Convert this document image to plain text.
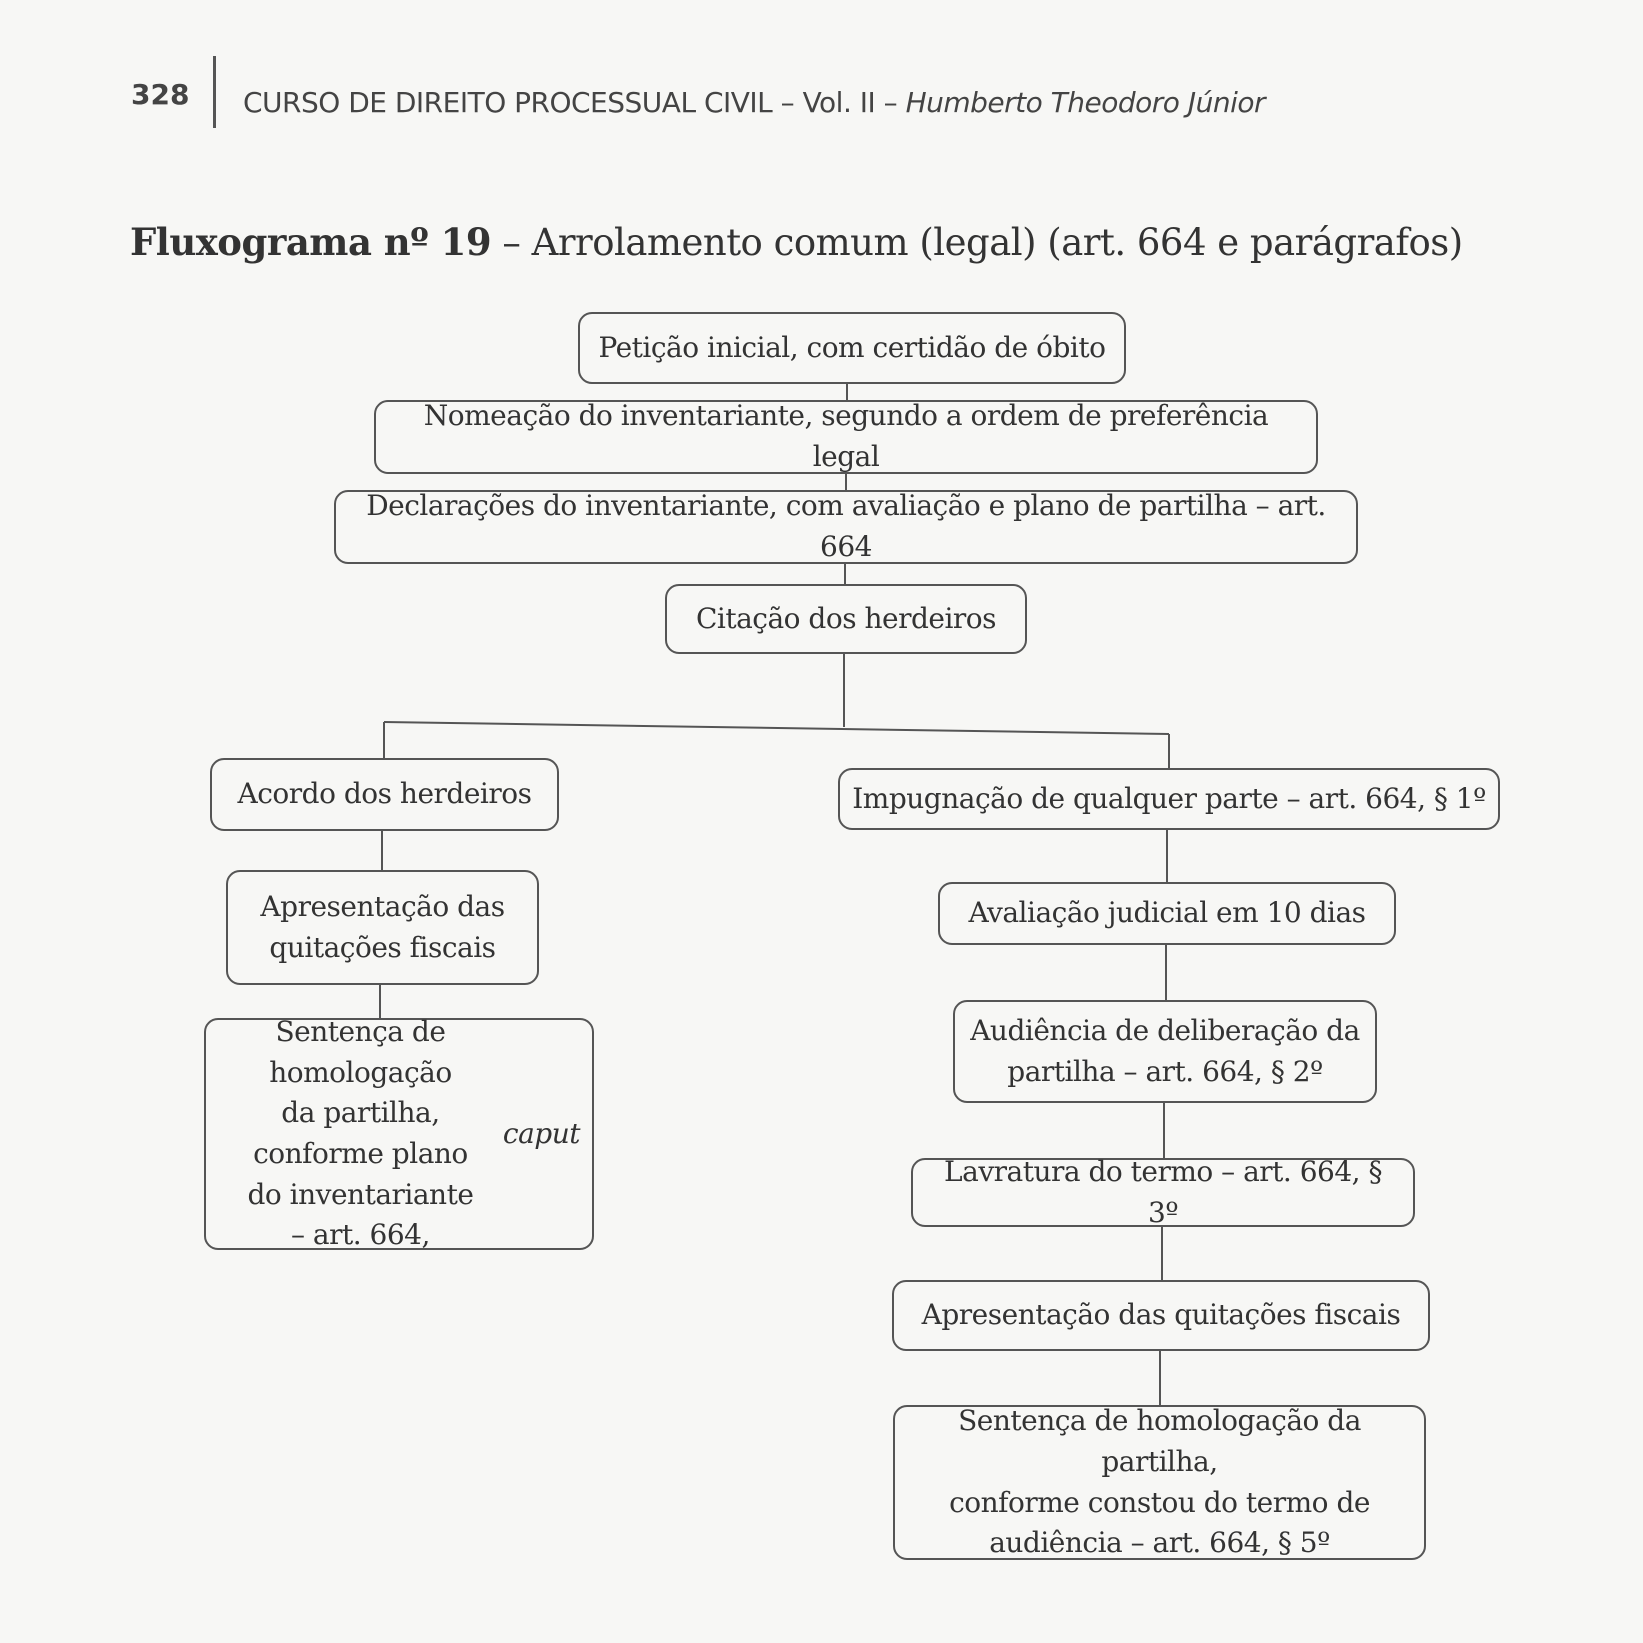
328 CURSO DE DIREITO PROCESSUAL CIVIL – Vol. II – Humberto Theodoro Júnior
Fluxograma nº 19 – Arrolamento comum (legal) (art. 664 e parágrafos)
Petição inicial, com certidão de óbito
Nomeação do inventariante, segundo a ordem de preferência legal
Declarações do inventariante, com avaliação e plano de partilha – art. 664
Citação dos herdeiros
Acordo dos herdeiros
Apresentação das
quitações fiscais
Sentença de homologação
da partilha, conforme plano
do inventariante
– art. 664,
caput
Impugnação de qualquer parte – art. 664, § 1º
Avaliação judicial em 10 dias
Audiência de deliberação da
partilha – art. 664, § 2º
Lavratura do termo – art. 664, § 3º
Apresentação das quitações fiscais
Sentença de homologação da partilha,
conforme constou do termo de
audiência – art. 664, § 5º
